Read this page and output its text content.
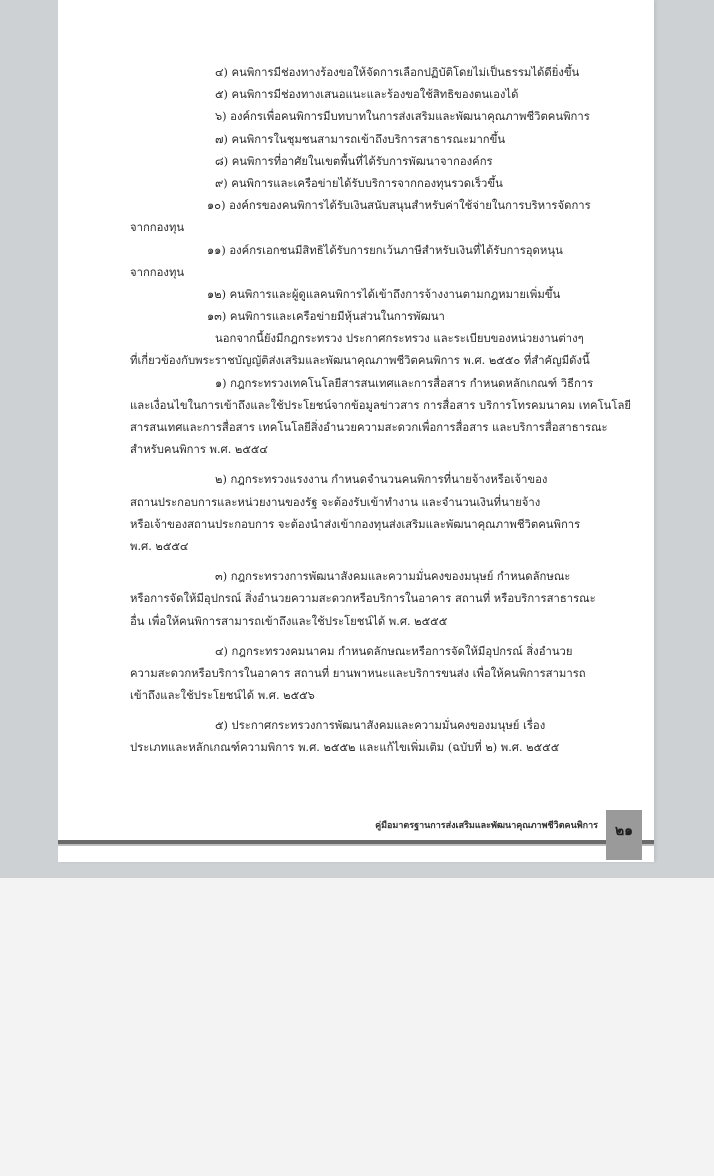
๔) คนพิการมีช่องทางร้องขอให้จัดการเลือกปฏิบัติโดยไม่เป็นธรรมได้ดียิ่งขึ้น
๕) คนพิการมีช่องทางเสนอแนะและร้องขอใช้สิทธิของตนเองได้
๖) องค์กรเพื่อคนพิการมีบทบาทในการส่งเสริมและพัฒนาคุณภาพชีวิตคนพิการ
๗) คนพิการในชุมชนสามารถเข้าถึงบริการสาธารณะมากขึ้น
๘) คนพิการที่อาศัยในเขตพื้นที่ได้รับการพัฒนาจากองค์กร
๙) คนพิการและเครือข่ายได้รับบริการจากกองทุนรวดเร็วขึ้น
๑๐) องค์กรของคนพิการได้รับเงินสนับสนุนสำหรับค่าใช้จ่ายในการบริหารจัดการ
จากกองทุน
๑๑) องค์กรเอกชนมีสิทธิได้รับการยกเว้นภาษีสำหรับเงินที่ได้รับการอุดหนุน
จากกองทุน
๑๒) คนพิการและผู้ดูแลคนพิการได้เข้าถึงการจ้างงานตามกฎหมายเพิ่มขึ้น
๑๓) คนพิการและเครือข่ายมีหุ้นส่วนในการพัฒนา
นอกจากนี้ยังมีกฎกระทรวง ประกาศกระทรวง และระเบียบของหน่วยงานต่างๆ
ที่เกี่ยวข้องกับพระราชบัญญัติส่งเสริมและพัฒนาคุณภาพชีวิตคนพิการ พ.ศ. ๒๕๕๐ ที่สำคัญมีดังนี้
๑) กฎกระทรวงเทคโนโลยีสารสนเทศและการสื่อสาร กำหนดหลักเกณฑ์ วิธีการ
และเงื่อนไขในการเข้าถึงและใช้ประโยชน์จากข้อมูลข่าวสาร การสื่อสาร บริการโทรคมนาคม เทคโนโลยี
สารสนเทศและการสื่อสาร เทคโนโลยีสิ่งอำนวยความสะดวกเพื่อการสื่อสาร และบริการสื่อสาธารณะ
สำหรับคนพิการ พ.ศ. ๒๕๕๔
๒) กฎกระทรวงแรงงาน กำหนดจำนวนคนพิการที่นายจ้างหรือเจ้าของ
สถานประกอบการและหน่วยงานของรัฐ จะต้องรับเข้าทำงาน และจำนวนเงินที่นายจ้าง
หรือเจ้าของสถานประกอบการ จะต้องนำส่งเข้ากองทุนส่งเสริมและพัฒนาคุณภาพชีวิตคนพิการ
พ.ศ. ๒๕๕๔
๓) กฎกระทรวงการพัฒนาสังคมและความมั่นคงของมนุษย์ กำหนดลักษณะ
หรือการจัดให้มีอุปกรณ์ สิ่งอำนวยความสะดวกหรือบริการในอาคาร สถานที่ หรือบริการสาธารณะ
อื่น เพื่อให้คนพิการสามารถเข้าถึงและใช้ประโยชน์ได้ พ.ศ. ๒๕๕๕
๔) กฎกระทรวงคมนาคม กำหนดลักษณะหรือการจัดให้มีอุปกรณ์ สิ่งอำนวย
ความสะดวกหรือบริการในอาคาร สถานที่ ยานพาหนะและบริการขนส่ง เพื่อให้คนพิการสามารถ
เข้าถึงและใช้ประโยชน์ได้ พ.ศ. ๒๕๕๖
๕) ประกาศกระทรวงการพัฒนาสังคมและความมั่นคงของมนุษย์ เรื่อง
ประเภทและหลักเกณฑ์ความพิการ พ.ศ. ๒๕๕๒ และแก้ไขเพิ่มเติม (ฉบับที่ ๒) พ.ศ. ๒๕๕๕
คู่มือมาตรฐานการส่งเสริมและพัฒนาคุณภาพชีวิตคนพิการ	๒๑
